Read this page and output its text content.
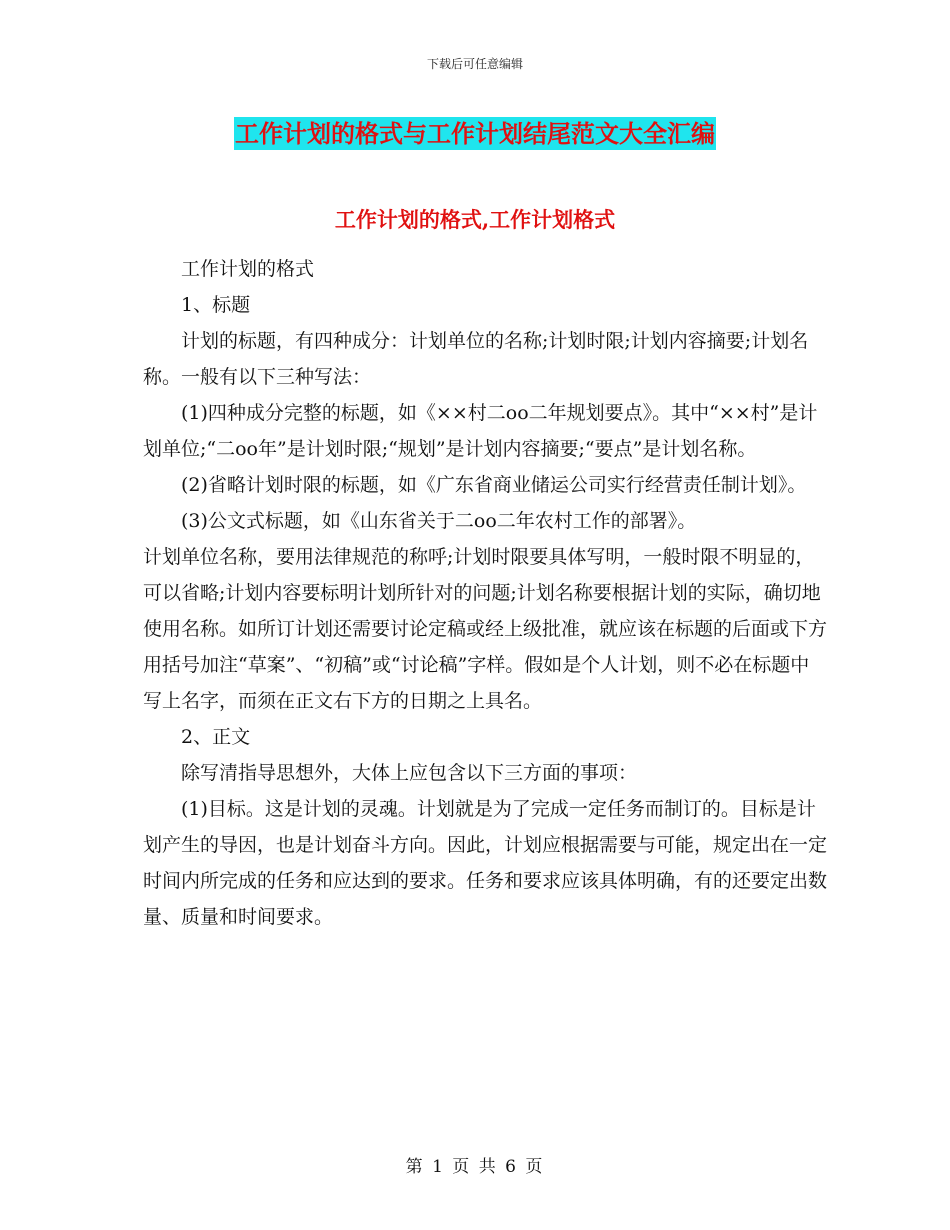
下载后可任意编辑
工作计划的格式与工作计划结尾范文大全汇编
工作计划的格式,工作计划格式

工作计划的格式

1、标题

计划的标题，有四种成分：计划单位的名称;计划时限;计划内容摘要;计划名称。一般有以下三种写法：

(1)四种成分完整的标题，如《××村二oo二年规划要点》。其中“××村”是计划单位;“二oo年”是计划时限;“规划”是计划内容摘要;“要点”是计划名称。

(2)省略计划时限的标题，如《广东省商业储运公司实行经营责任制计划》。

(3)公文式标题，如《山东省关于二oo二年农村工作的部署》。

计划单位名称，要用法律规范的称呼;计划时限要具体写明，一般时限不明显的，可以省略;计划内容要标明计划所针对的问题;计划名称要根据计划的实际，确切地使用名称。如所订计划还需要讨论定稿或经上级批准，就应该在标题的后面或下方用括号加注“草案”、“初稿”或“讨论稿”字样。假如是个人计划，则不必在标题中写上名字，而须在正文右下方的日期之上具名。

2、正文

除写清指导思想外，大体上应包含以下三方面的事项：

(1)目标。这是计划的灵魂。计划就是为了完成一定任务而制订的。目标是计划产生的导因，也是计划奋斗方向。因此，计划应根据需要与可能，规定出在一定时间内所完成的任务和应达到的要求。任务和要求应该具体明确，有的还要定出数量、质量和时间要求。

第 1 页 共 6 页
